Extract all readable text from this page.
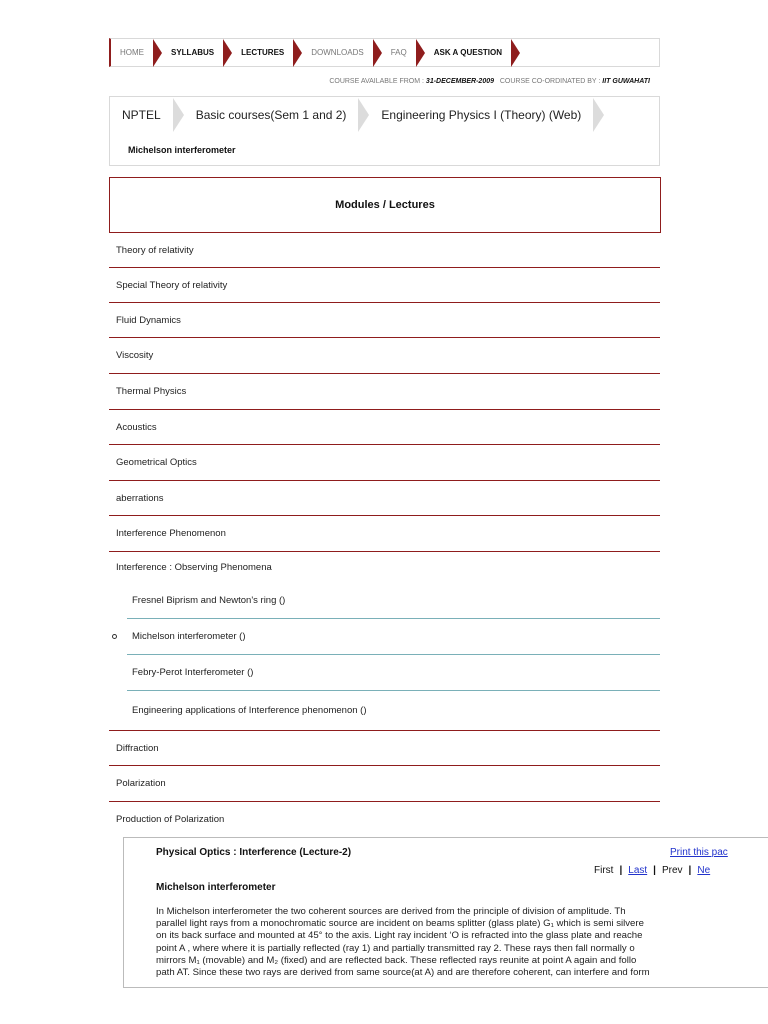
HOME	SYLLABUS	LECTURES	DOWNLOADS	FAQ	ASK A QUESTION
COURSE AVAILABLE FROM : 31-DECEMBER-2009 COURSE CO-ORDINATED BY : IIT GUWAHATI
NPTEL	Basic courses(Sem 1 and 2)	Engineering Physics I (Theory) (Web)
Michelson interferometer
Modules / Lectures
Theory of relativity
Special Theory of relativity
Fluid Dynamics
Viscosity
Thermal Physics
Acoustics
Geometrical Optics
aberrations
Interference Phenomenon
Interference : Observing Phenomena
Fresnel Biprism and Newton's ring ()
Michelson interferometer ()
Febry-Perot Interferometer ()
Engineering applications of Interference phenomenon ()
Diffraction
Polarization
Production of Polarization
Physical Optics : Interference (Lecture-2)	Print this pac
First | Last | Prev | Ne
Michelson interferometer
In Michelson interferometer the two coherent sources are derived from the principle of division of amplitude. Th
parallel light rays from a monochromatic source are incident on beams splitter (glass plate) G₁ which is semi silvere
on its back surface and mounted at 45° to the axis. Light ray incident ‘O is refracted into the glass plate and reache
point A , where where it is partially reflected (ray 1) and partially transmitted ray 2. These rays then fall normally o
mirrors M₁ (movable) and M₂ (fixed) and are reflected back. These reflected rays reunite at point A again and follo
path AT. Since these two rays are derived from same source(at A) and are therefore coherent, can interfere and form
